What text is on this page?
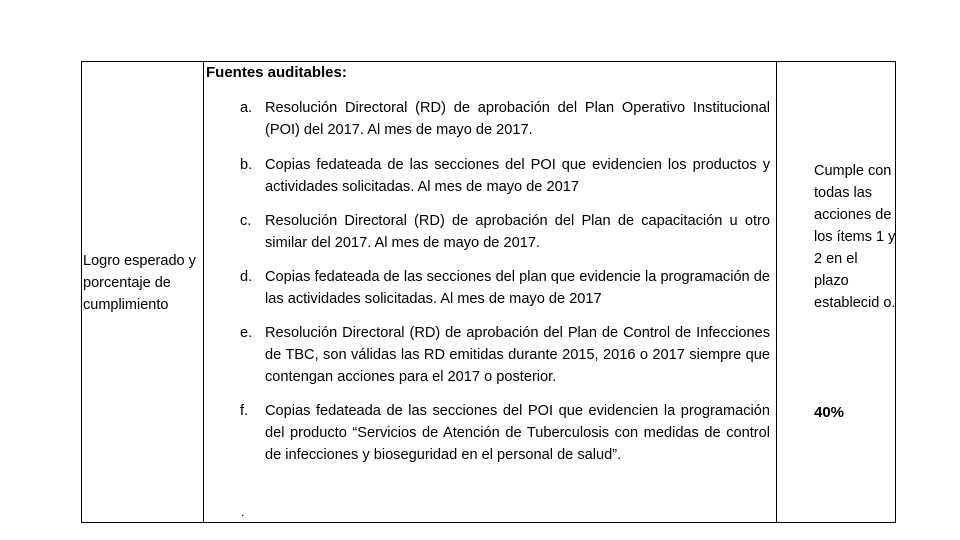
Logro esperado y porcentaje de cumplimiento
Fuentes auditables:
a. Resolución Directoral (RD) de aprobación del Plan Operativo Institucional (POI) del 2017. Al mes de mayo de 2017.
b. Copias fedateada de las secciones del POI que evidencien los productos y actividades solicitadas. Al mes de mayo de 2017
c. Resolución Directoral (RD) de aprobación del Plan de capacitación u otro similar del 2017. Al mes de mayo de 2017.
d. Copias fedateada de las secciones del plan que evidencie la programación de las actividades solicitadas. Al mes de mayo de 2017
e. Resolución Directoral (RD) de aprobación del Plan de Control de Infecciones de TBC, son válidas las RD emitidas durante 2015, 2016 o 2017 siempre que contengan acciones para el 2017 o posterior.
f. Copias fedateada de las secciones del POI que evidencien la programación del producto “Servicios de Atención de Tuberculosis con medidas de control de infecciones y bioseguridad en el personal de salud”.
.
Cumple con todas las acciones de los ítems 1 y 2 en el plazo establecid o.
40%
